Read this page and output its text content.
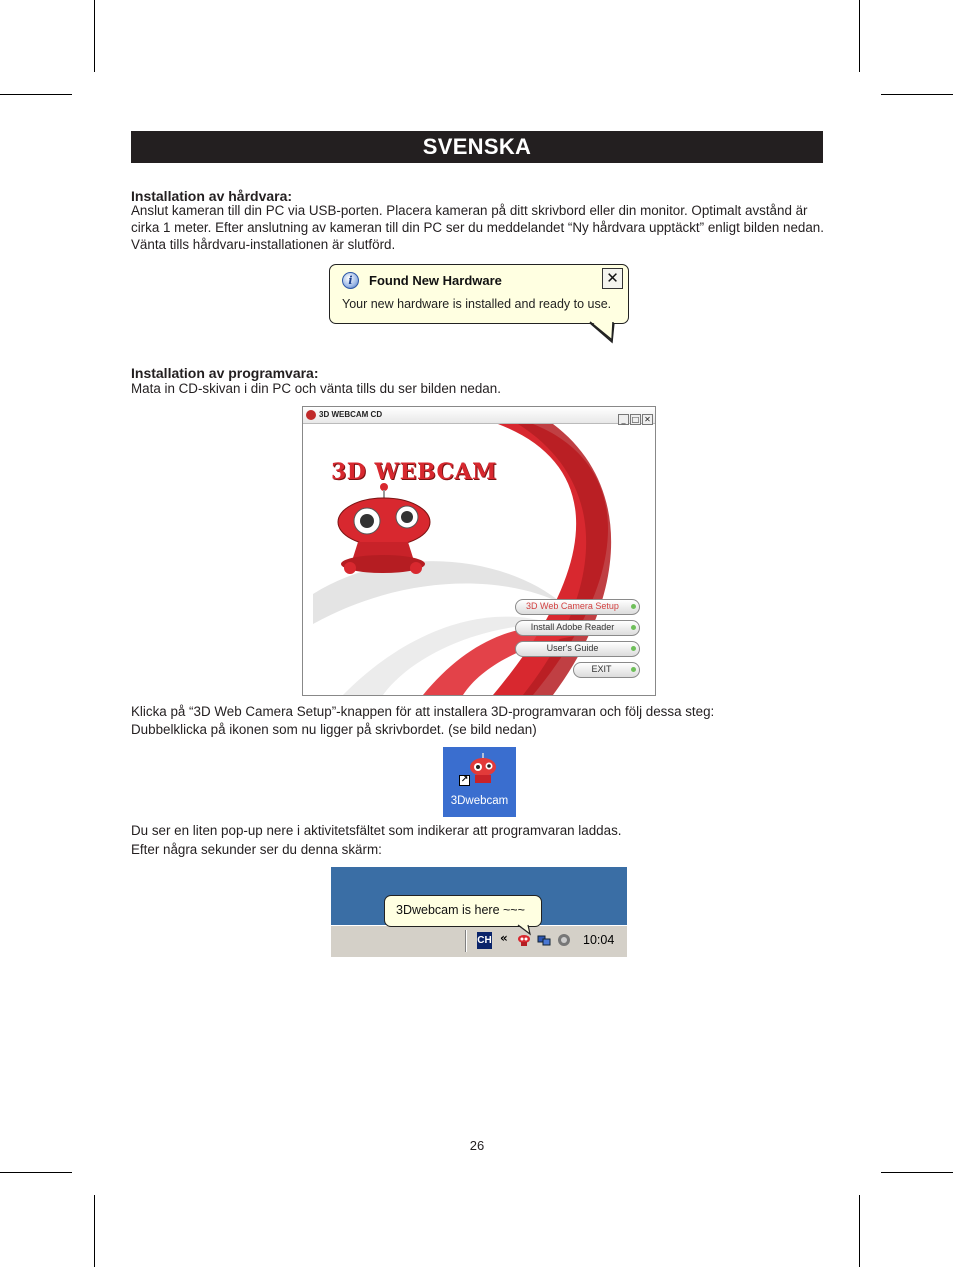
SVENSKA
Installation av hårdvara:
Anslut kameran till din PC via USB-porten. Placera kameran på ditt skrivbord eller din monitor. Optimalt avstånd är cirka 1 meter. Efter anslutning av kameran till din PC ser du meddelandet “Ny hårdvara upptäckt” enligt bilden nedan. Vänta tills hårdvaru-installationen är slutförd.
i	Found New Hardware	✕
Your new hardware is installed and ready to use.
Installation av programvara:
Mata in CD-skivan i din PC och vänta tills du ser bilden nedan.
3D WEBCAM CD
_ □ ✕
3D WEBCAM
3D Web Camera Setup
Install Adobe Reader
User's Guide
EXIT
Klicka på “3D Web Camera Setup”-knappen för att installera 3D-programvaran och följ dessa steg:
Dubbelklicka på ikonen som nu ligger på skrivbordet. (se bild nedan)
↗
3Dwebcam
Du ser en liten pop-up nere i aktivitetsfältet som indikerar att programvaran laddas.
Efter några sekunder ser du denna skärm:
3Dwebcam is here ~~~
CH «	10:04
26
